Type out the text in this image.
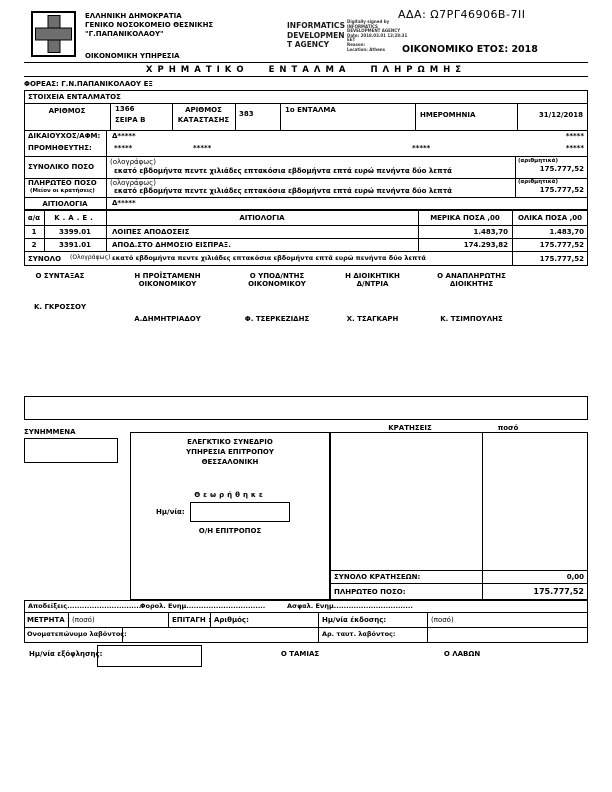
ΕΛΛΗΝΙΚΗ ΔΗΜΟΚΡΑΤΙΑ
ΓΕΝΙΚΟ ΝΟΣΟΚΟΜΕΙΟ ΘΕΣΝΙΚΗΣ
"Γ.ΠΑΠΑΝΙΚΟΛΑΟΥ"
ΟΙΚΟΝΟΜΙΚΗ ΥΠΗΡΕΣΙΑ
INFORMATICS
DEVELOPMEN
T AGENCY
Digitally signed by
INFORMATICS
DEVELOPMENT AGENCY
Date: 2018.03.01 12:28:31
EET
Reason:
Location: Athens
ΑΔΑ: Ω7ΡΓ46906Β-7ΙΙ
ΟΙΚΟΝΟΜΙΚΟ ΕΤΟΣ: 2018
ΧΡΗΜΑΤΙΚΟ ΕΝΤΑΛΜΑ ΠΛΗΡΩΜΗΣ
ΦΟΡΕΑΣ: Γ.Ν.ΠΑΠΑΝΙΚΟΛΑΟΥ ΕΞ
ΣΤΟΙΧΕΙΑ ΕΝΤΑΛΜΑΤΟΣ
ΑΡΙΘΜΟΣ	1366
ΣΕΙΡΑ Β
ΑΡΙΘΜΟΣ ΚΑΤΑΣΤΑΣΗΣ
383	1ο ΕΝΤΑΛΜΑ
ΗΜΕΡΟΜΗΝΙΑ	31/12/2018
ΔΙΚΑΙΟΥΧΟΣ/ΑΦΜ:
ΠΡΟΜΗΘΕΥΤΗΣ:
Δ*****	*****
*****	*****	*****	*****
ΣΥΝΟΛΙΚΟ ΠΟΣΟ
(ολογράφως)
εκατό εβδομήντα πεντε χιλιάδες επτακόσια εβδομήντα επτά ευρώ πενήντα δύο λεπτά
(αριθμητικά)
175.777,52
ΠΛΗΡΩΤΕΟ ΠΟΣΟ
(Μείον οι κρατήσεις)
(ολογράφως)
εκατό εβδομήντα πεντε χιλιάδες επτακόσια εβδομήντα επτά ευρώ πενήντα δύο λεπτά
(αριθμητικά)
175.777,52
ΑΙΤΙΟΛΟΓΙΑ	Δ*****
α/α	Κ.Α.Ε.	ΑΙΤΙΟΛΟΓΙΑ	ΜΕΡΙΚΑ ΠΟΣΑ ,00	ΟΛΙΚΑ ΠΟΣΑ ,00
1	3399.01	ΛΟΙΠΕΣ ΑΠΟΔΟΣΕΙΣ	1.483,70	1.483,70
2	3391.01	ΑΠΟΔ.ΣΤΟ ΔΗΜΟΣΙΟ ΕΙΣΠΡΑΞ.	174.293,82	175.777,52
ΣΥΝΟΛΟ (Ολογράφως) εκατό εβδομήντα πεντε χιλιάδες επτακόσια εβδομήντα επτά ευρώ πενήντα δύο λεπτά	175.777,52
Ο ΣΥΝΤΑΞΑΣ
Κ. ΓΚΡΟΣΣΟΥ
Η ΠΡΟΪΣΤΑΜΕΝΗ
ΟΙΚΟΝΟΜΙΚΟΥ
Α.ΔΗΜΗΤΡΙΑΔΟΥ
Ο ΥΠΟΔ/ΝΤΗΣ
ΟΙΚΟΝΟΜΙΚΟΥ
Φ. ΤΣΕΡΚΕΖΙΔΗΣ
Η ΔΙΟΙΚΗΤΙΚΗ
Δ/ΝΤΡΙΑ
Χ. ΤΣΑΓΚΑΡΗ
Ο ΑΝΑΠΛΗΡΩΤΗΣ
ΔΙΟΙΚΗΤΗΣ
Κ. ΤΣΙΜΠΟΥΛΗΣ
ΚΡΑΤΗΣΕΙΣ	ποσό
ΣΥΝΗΜΜΕΝΑ
ΕΛΕΓΚΤΙΚΟ ΣΥΝΕΔΡΙΟ
ΥΠΗΡΕΣΙΑ ΕΠΙΤΡΟΠΟΥ
ΘΕΣΣΑΛΟΝΙΚΗ
Θεωρήθηκε
Ημ/νία:
Ο/Η ΕΠΙΤΡΟΠΟΣ
ΣΥΝΟΛΟ ΚΡΑΤΗΣΕΩΝ:	0,00
ΠΛΗΡΩΤΕΟ ΠΟΣΟ:	175.777,52
Αποδείξεις..............................
Φορολ. Ενημ................................	Ασφαλ. Ενημ................................
ΜΕΤΡΗΤΑ : (ποσό)	ΕΠΙΤΑΓΗ : Αριθμός:	Ημ/νία έκδοσης:	(ποσό)
Ονοματεπώνυμο λαβόντος:	Αρ. ταυτ. λαβόντος:
Ημ/νία εξόφλησης:	Ο ΤΑΜΙΑΣ	Ο ΛΑΒΩΝ
